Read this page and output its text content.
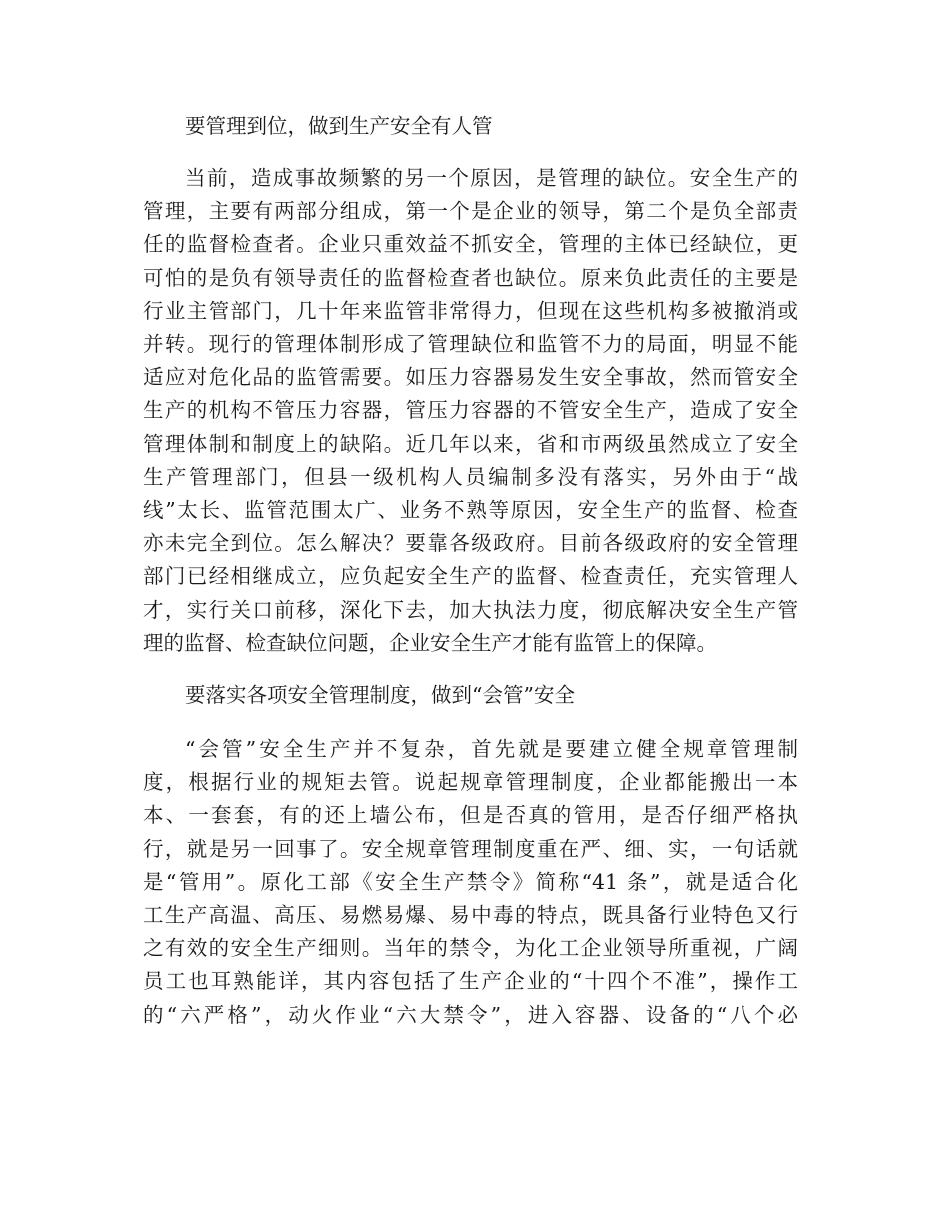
要管理到位，做到生产安全有人管

当前，造成事故频繁的另一个原因，是管理的缺位。安全生产的
管理，主要有两部分组成，第一个是企业的领导，第二个是负全部责
任的监督检查者。企业只重效益不抓安全，管理的主体已经缺位，更
可怕的是负有领导责任的监督检查者也缺位。原来负此责任的主要是
行业主管部门，几十年来监管非常得力，但现在这些机构多被撤消或
并转。现行的管理体制形成了管理缺位和监管不力的局面，明显不能
适应对危化品的监管需要。如压力容器易发生安全事故，然而管安全
生产的机构不管压力容器，管压力容器的不管安全生产，造成了安全
管理体制和制度上的缺陷。近几年以来，省和市两级虽然成立了安全
生产管理部门，但县一级机构人员编制多没有落实，另外由于“战
线”太长、监管范围太广、业务不熟等原因，安全生产的监督、检查
亦未完全到位。怎么解决？要靠各级政府。目前各级政府的安全管理
部门已经相继成立，应负起安全生产的监督、检查责任，充实管理人
才，实行关口前移，深化下去，加大执法力度，彻底解决安全生产管
理的监督、检查缺位问题，企业安全生产才能有监管上的保障。

要落实各项安全管理制度，做到“会管”安全

“会管”安全生产并不复杂，首先就是要建立健全规章管理制
度，根据行业的规矩去管。说起规章管理制度，企业都能搬出一本
本、一套套，有的还上墙公布，但是否真的管用，是否仔细严格执
行，就是另一回事了。安全规章管理制度重在严、细、实，一句话就
是“管用”。原化工部《安全生产禁令》简称“41 条”，就是适合化
工生产高温、高压、易燃易爆、易中毒的特点，既具备行业特色又行
之有效的安全生产细则。当年的禁令，为化工企业领导所重视，广阔
员工也耳熟能详，其内容包括了生产企业的“十四个不准”，操作工
的“六严格”，动火作业“六大禁令”，进入容器、设备的“八个必
